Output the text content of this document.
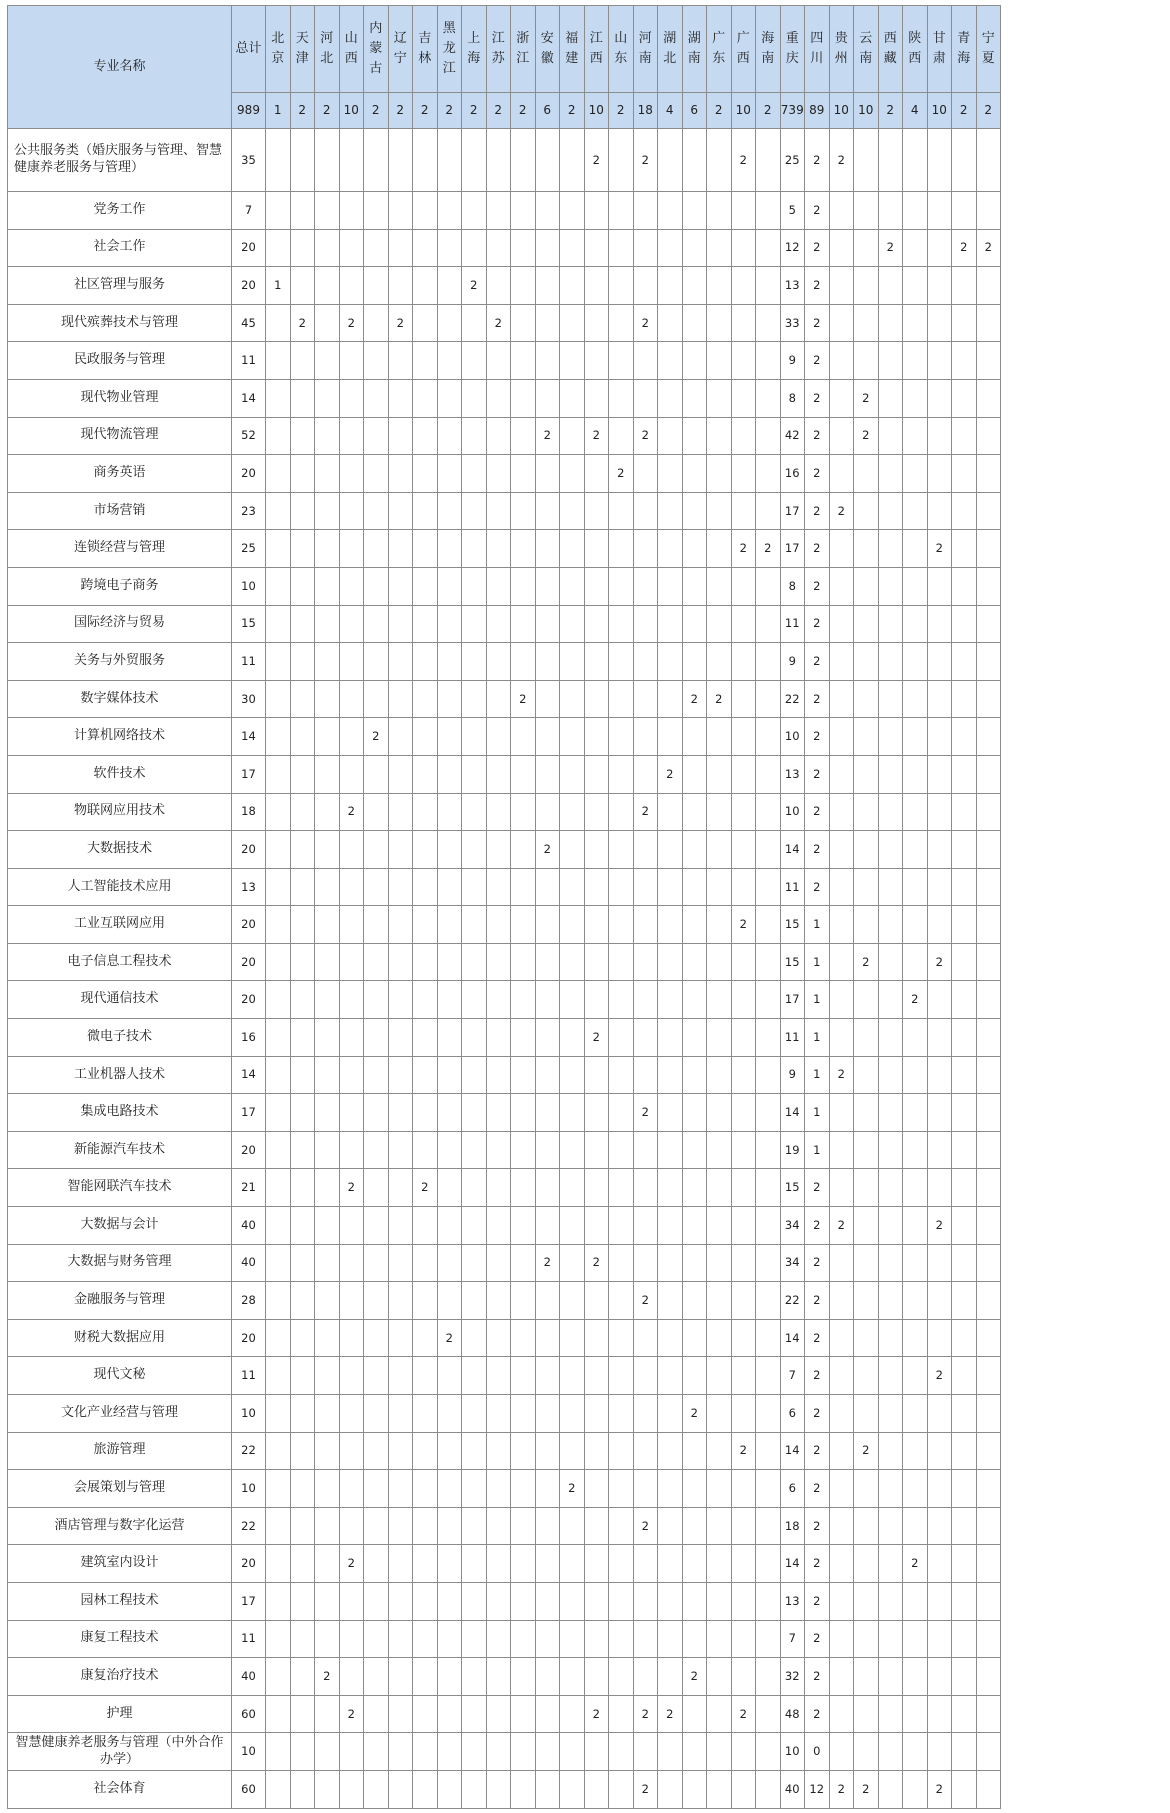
专业名称	总计	北京	天津	河北	山西	内蒙古	辽宁	吉林	黑龙江	上海	江苏	浙江	安徽	福建	江西	山东	河南	湖北	湖南	广东	广西	海南	重庆	四川	贵州	云南	西藏	陕西	甘肃	青海	宁夏
	989	1	2	2	10	2	2	2	2	2	2	2	6	2	10	2	18	4	6	2	10	2	739	89	10	10	2	4	10	2	2
公共服务类（婚庆服务与管理、智慧健康养老服务与管理）	35														2		2				2		25	2	2						
党务工作	7																						5	2							
社会工作	20																						12	2			2			2	2
社区管理与服务	20	1								2													13	2							
现代殡葬技术与管理	45		2		2		2				2						2						33	2							
民政服务与管理	11																						9	2							
现代物业管理	14																						8	2		2					
现代物流管理	52												2		2		2						42	2		2					
商务英语	20															2							16	2							
市场营销	23																						17	2	2						
连锁经营与管理	25																				2	2	17	2					2		
跨境电子商务	10																						8	2							
国际经济与贸易	15																						11	2							
关务与外贸服务	11																						9	2							
数字媒体技术	30											2							2	2			22	2							
计算机网络技术	14					2																	10	2							
软件技术	17																	2					13	2							
物联网应用技术	18				2												2						10	2							
大数据技术	20												2										14	2							
人工智能技术应用	13																						11	2							
工业互联网应用	20																				2		15	1							
电子信息工程技术	20																						15	1		2			2		
现代通信技术	20																						17	1				2			
微电子技术	16														2								11	1							
工业机器人技术	14																						9	1	2						
集成电路技术	17																2						14	1							
新能源汽车技术	20																						19	1							
智能网联汽车技术	21				2			2															15	2							
大数据与会计	40																						34	2	2				2		
大数据与财务管理	40												2		2								34	2							
金融服务与管理	28																2						22	2							
财税大数据应用	20								2														14	2							
现代文秘	11																						7	2					2		
文化产业经营与管理	10																		2				6	2							
旅游管理	22																				2		14	2		2					
会展策划与管理	10													2									6	2							
酒店管理与数字化运营	22																2						18	2							
建筑室内设计	20				2																		14	2				2			
园林工程技术	17																						13	2							
康复工程技术	11																						7	2							
康复治疗技术	40			2															2				32	2							
护理	60				2										2		2	2			2		48	2							
智慧健康养老服务与管理（中外合作办学）	10																						10	0							
社会体育	60																2						40	12	2	2			2		
